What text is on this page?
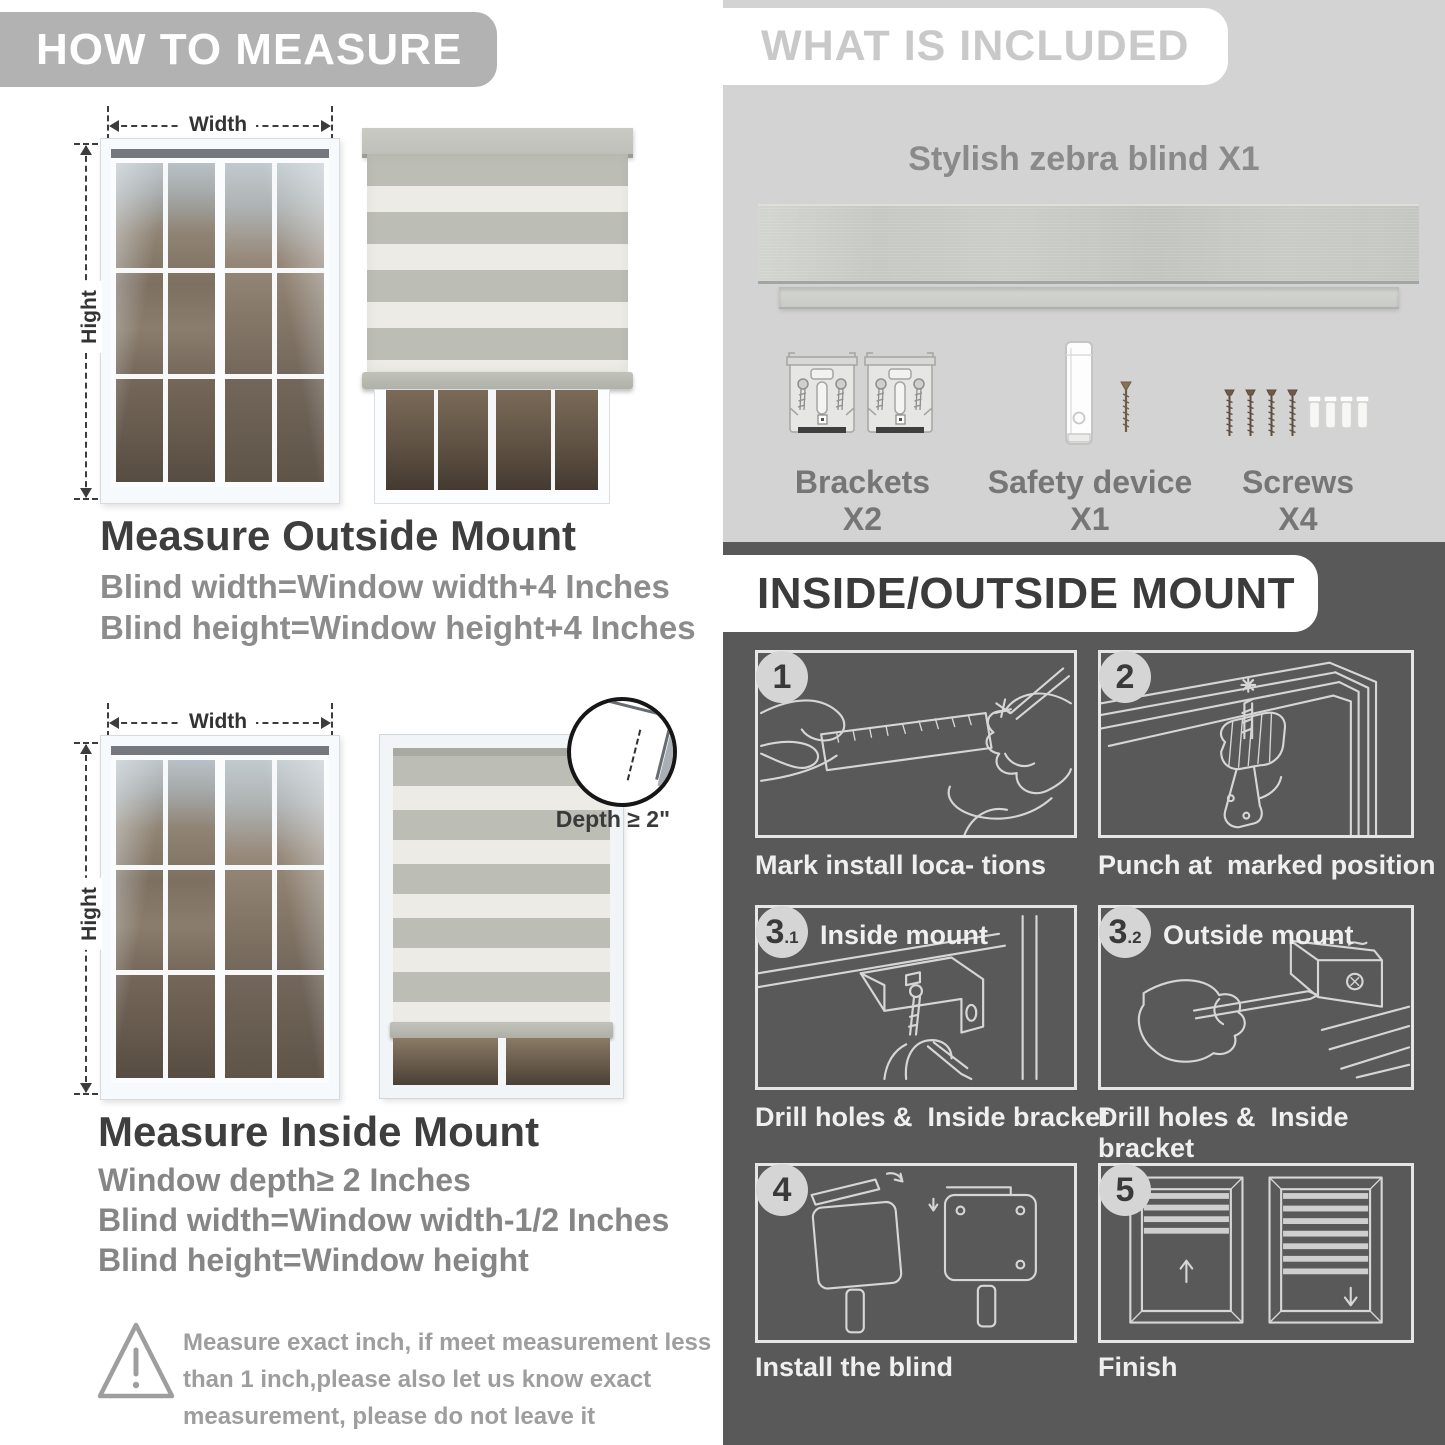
HOW TO MEASURE
Width
Hight
Measure Outside Mount
Blind width=Window width+4 Inches
Blind height=Window height+4 Inches
Width
Hight
Depth ≥ 2"
Measure Inside Mount
Window depth≥ 2 Inches
Blind width=Window width-1/2 Inches
Blind height=Window height
Measure exact inch, if meet measurement less
than 1 inch,please also let us know exact
measurement, please do not leave it
WHAT IS INCLUDED
Stylish zebra blind X1
Brackets X2
Safety device X1
Screws X4
INSIDE/OUTSIDE MOUNT
1
Mark install loca- tions
2
Punch at  marked position
3.1 Inside mount
Drill holes &  Inside bracket
3.2 Outside mount
Drill holes &  Inside bracket
4
Install the blind
5
Finish
